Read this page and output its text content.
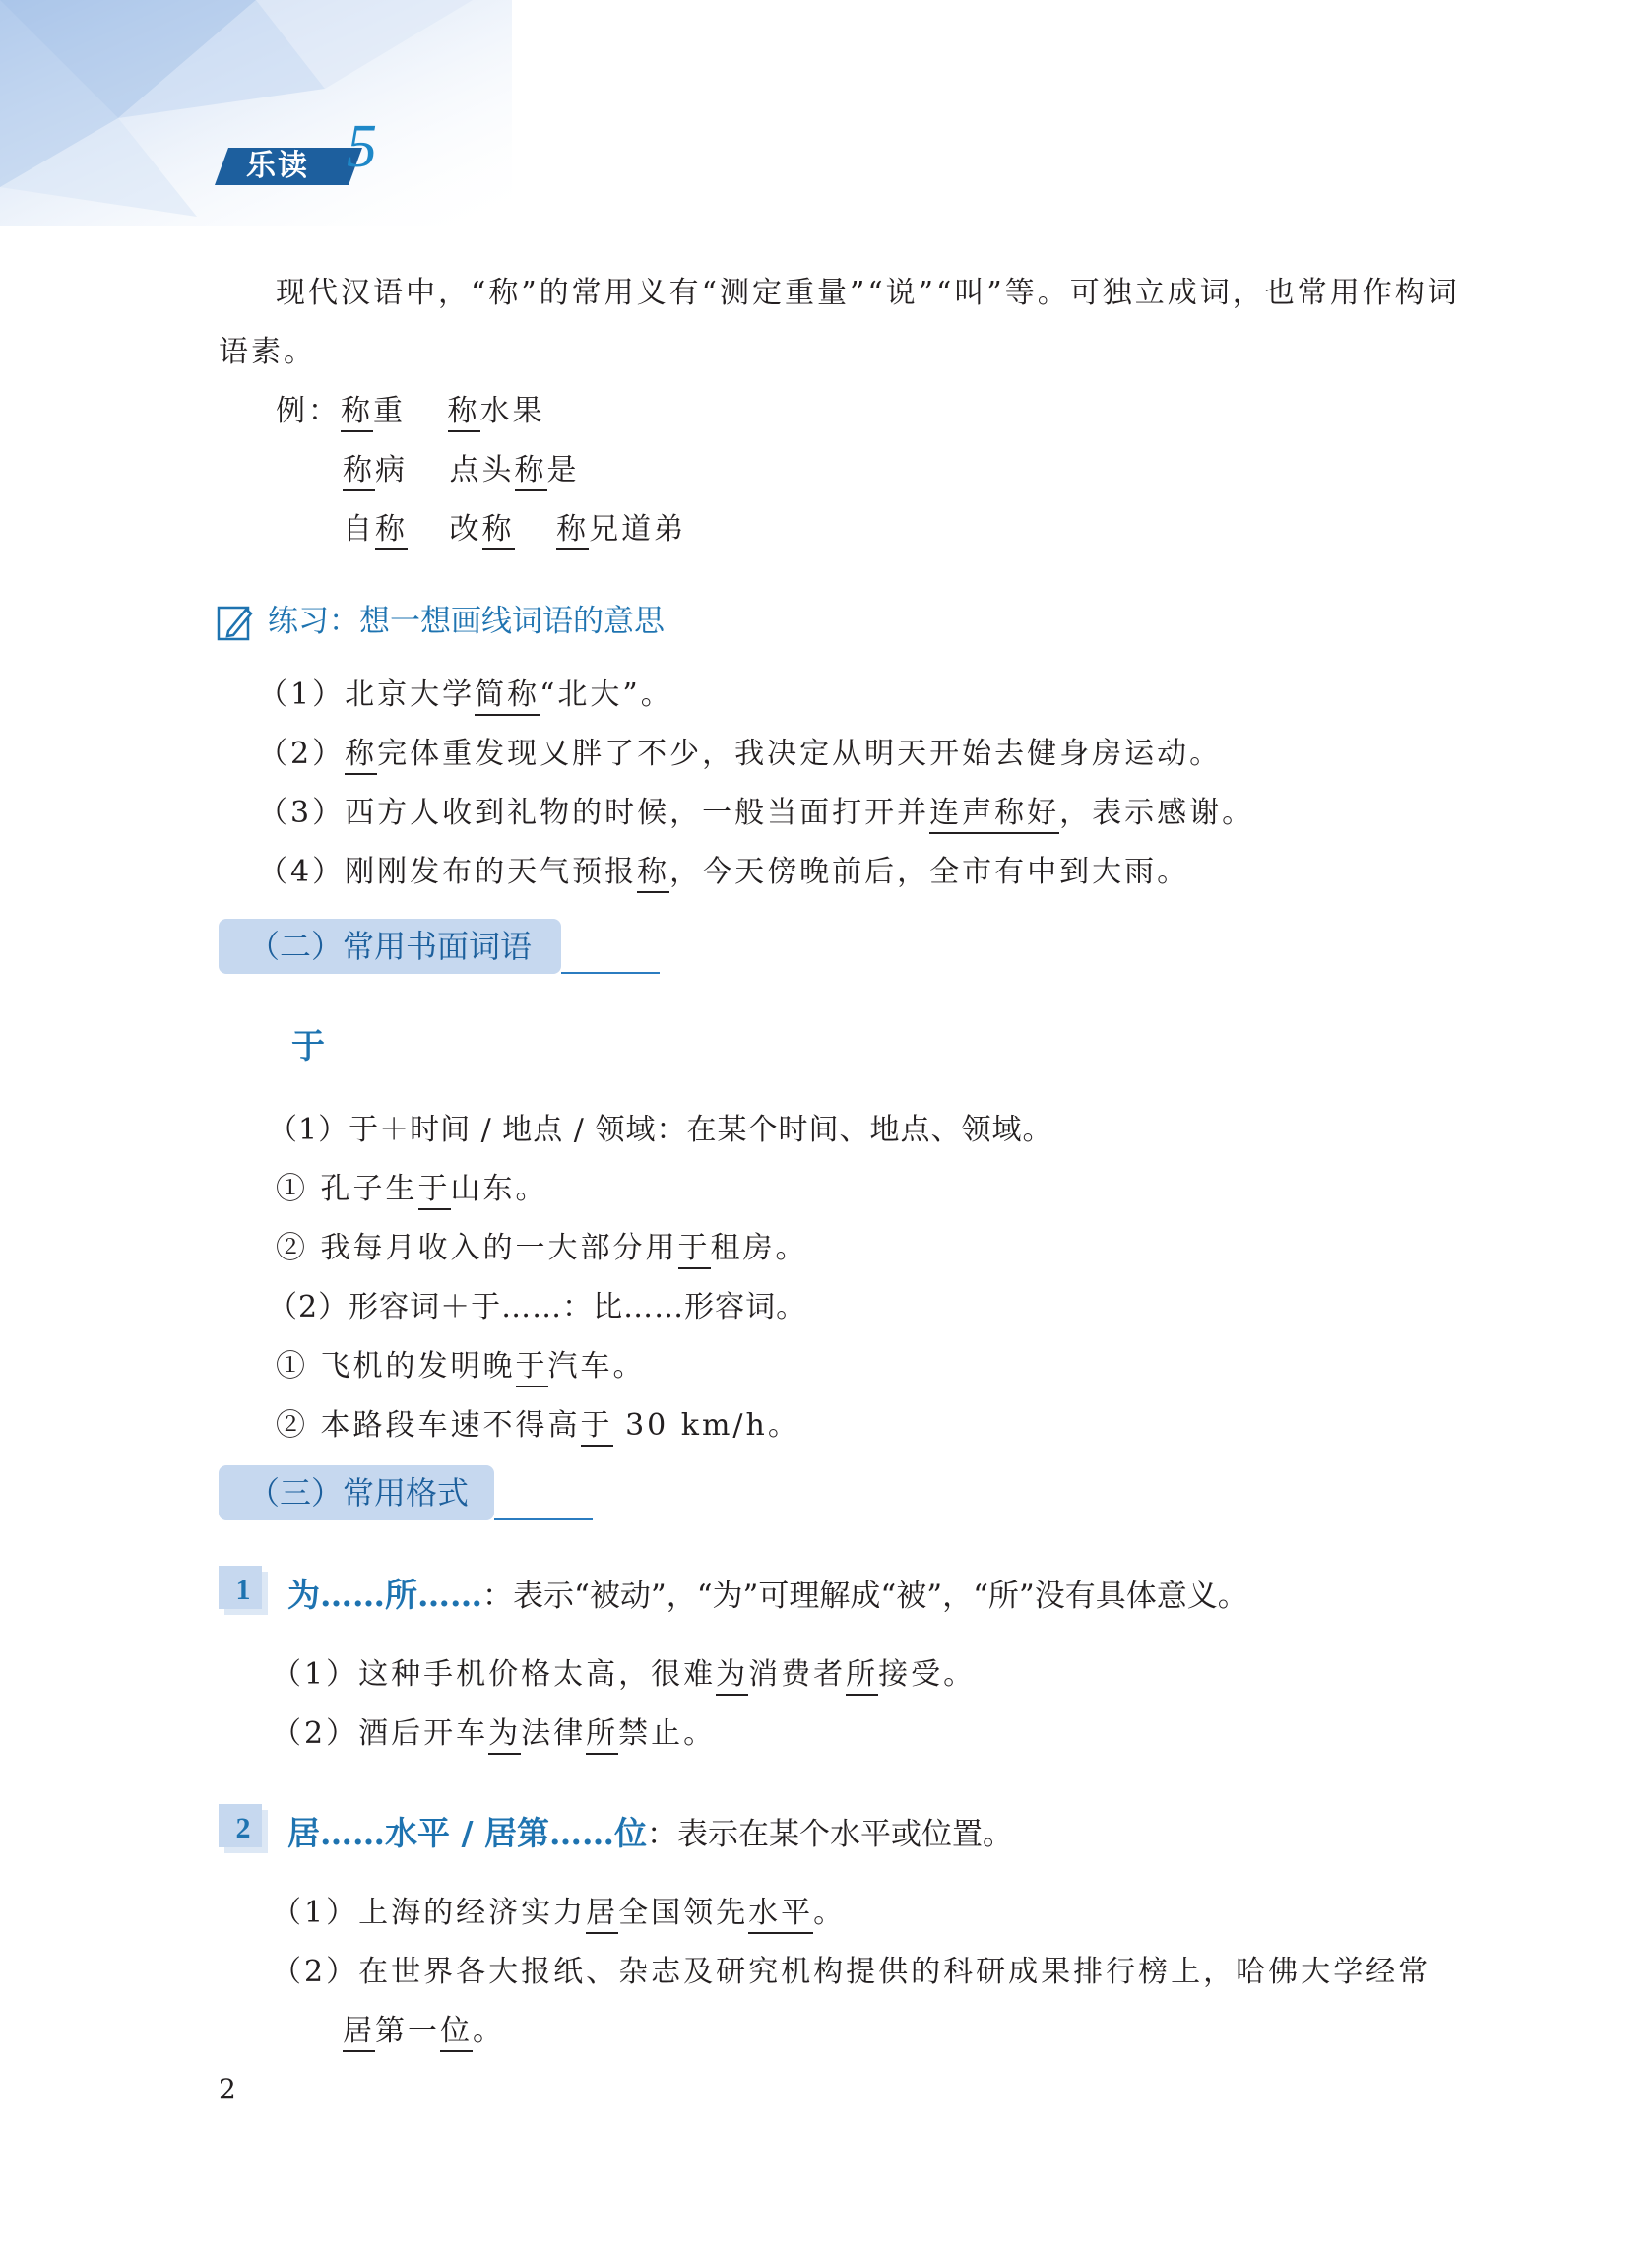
乐读 5
现代汉语中，“称”的常用义有“测定重量”“说”“叫”等。可独立成词，也常用作构词
语素。
例：称重 称水果
称病 点头称是
自称 改称 称兄道弟
练习：想一想画线词语的意思
（1）北京大学简称“北大”。
（2）称完体重发现又胖了不少，我决定从明天开始去健身房运动。
（3）西方人收到礼物的时候，一般当面打开并连声称好，表示感谢。
（4）刚刚发布的天气预报称，今天傍晚前后，全市有中到大雨。
（二）常用书面词语
于
（1）于＋时间 / 地点 / 领域：在某个时间、地点、领域。
① 孔子生于山东。
② 我每月收入的一大部分用于租房。
（2）形容词＋于……：比……形容词。
① 飞机的发明晚于汽车。
② 本路段车速不得高于 30 km/h。
（三）常用格式
1	为……所……：表示“被动”，“为”可理解成“被”，“所”没有具体意义。
（1）这种手机价格太高，很难为消费者所接受。
（2）酒后开车为法律所禁止。
2	居……水平 / 居第……位：表示在某个水平或位置。
（1）上海的经济实力居全国领先水平。
（2）在世界各大报纸、杂志及研究机构提供的科研成果排行榜上，哈佛大学经常
居第一位。
2
